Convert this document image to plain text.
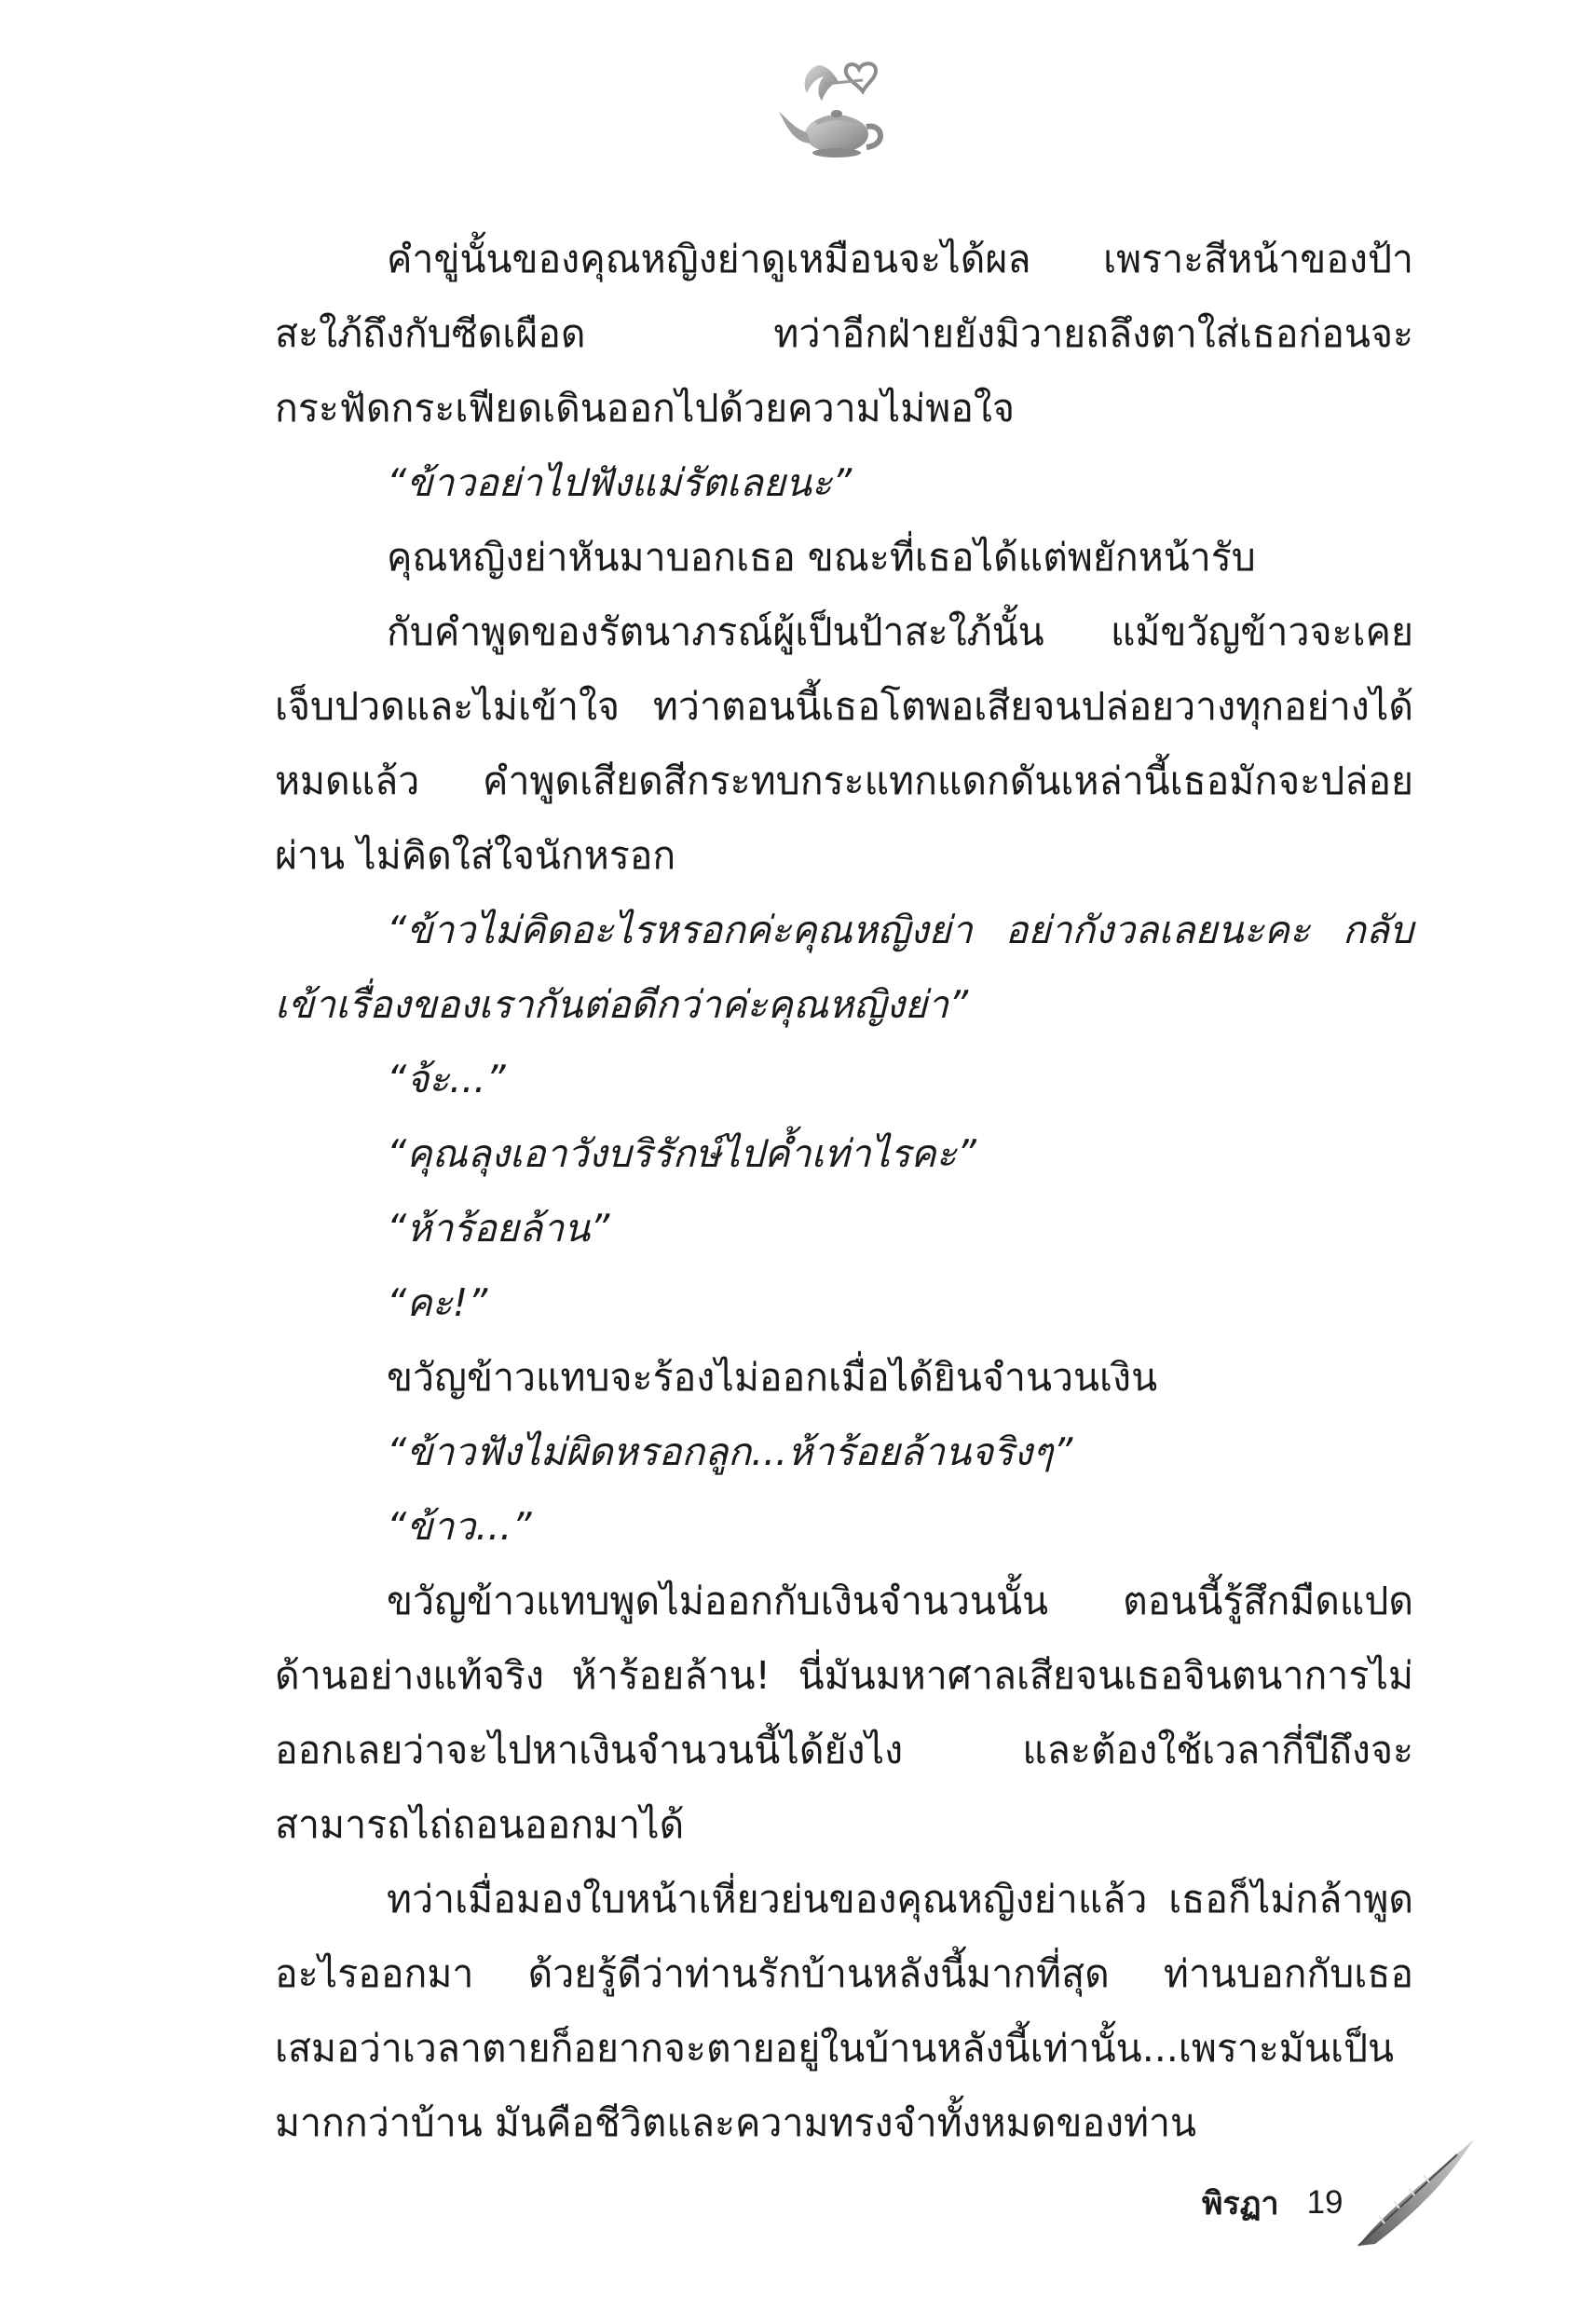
คำขู่นั้นของคุณหญิงย่าดูเหมือนจะได้ผล เพราะสีหน้าของป้าสะใภ้ถึงกับซีดเผือด ทว่าอีกฝ่ายยังมิวายถลึงตาใส่เธอก่อนจะกระฟัดกระเฟียดเดินออกไปด้วยความไม่พอใจ

“ข้าวอย่าไปฟังแม่รัตเลยนะ”

คุณหญิงย่าหันมาบอกเธอ ขณะที่เธอได้แต่พยักหน้ารับ

กับคำพูดของรัตนาภรณ์ผู้เป็นป้าสะใภ้นั้น แม้ขวัญข้าวจะเคยเจ็บปวดและไม่เข้าใจ ทว่าตอนนี้เธอโตพอเสียจนปล่อยวางทุกอย่างได้หมดแล้ว คำพูดเสียดสีกระทบกระแทกแดกดันเหล่านี้เธอมักจะปล่อยผ่าน ไม่คิดใส่ใจนักหรอก

“ข้าวไม่คิดอะไรหรอกค่ะคุณหญิงย่า อย่ากังวลเลยนะคะ กลับเข้าเรื่องของเรากันต่อดีกว่าค่ะคุณหญิงย่า”

“จ้ะ...”

“คุณลุงเอาวังบริรักษ์ไปค้ำเท่าไรคะ”

“ห้าร้อยล้าน”

“คะ!”

ขวัญข้าวแทบจะร้องไม่ออกเมื่อได้ยินจำนวนเงิน

“ข้าวฟังไม่ผิดหรอกลูก...ห้าร้อยล้านจริงๆ”

“ข้าว...”

ขวัญข้าวแทบพูดไม่ออกกับเงินจำนวนนั้น ตอนนี้รู้สึกมืดแปดด้านอย่างแท้จริง ห้าร้อยล้าน! นี่มันมหาศาลเสียจนเธอจินตนาการไม่ออกเลยว่าจะไปหาเงินจำนวนนี้ได้ยังไง และต้องใช้เวลากี่ปีถึงจะสามารถไถ่ถอนออกมาได้

ทว่าเมื่อมองใบหน้าเหี่ยวย่นของคุณหญิงย่าแล้ว เธอก็ไม่กล้าพูดอะไรออกมา ด้วยรู้ดีว่าท่านรักบ้านหลังนี้มากที่สุด ท่านบอกกับเธอเสมอว่าเวลาตายก็อยากจะตายอยู่ในบ้านหลังนี้เท่านั้น...เพราะมันเป็นมากกว่าบ้าน มันคือชีวิตและความทรงจำทั้งหมดของท่าน

พิรฏา 19
